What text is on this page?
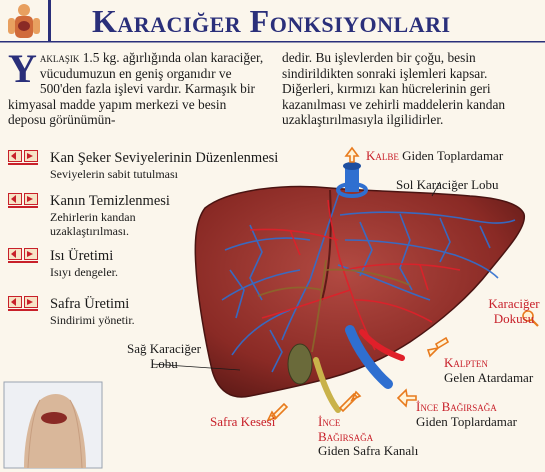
Karaciğer Fonksiyonları
Yaklaşık 1.5 kg. ağırlığında olan karaciğer, vücudumuzun en geniş organıdır ve 500'den fazla işlevi vardır. Karmaşık bir kimyasal madde yapım merkezi ve besin deposu görünümün-
dedir. Bu işlevlerden bir çoğu, besin sindirildikten sonraki işlemleri kapsar. Diğerleri, kırmızı kan hücrelerinin geri kazanılması ve zehirli maddelerin kandan uzaklaştırılmasıyla ilgilidirler.
Kan Şeker Seviyelerinin Düzenlenmesi
Seviyelerin sabit tutulması
Kanın Temizlenmesi
Zehirlerin kandan uzaklaştırılması.
Isı Üretimi
Isıyı dengeler.
Safra Üretimi
Sindirimi yönetir.
Kalbe Giden Toplardamar
Sol Karaciğer Lobu
Sağ Karaciğer
Lobu
Karaciğer
Dokusu
Kalpten
Gelen Atardamar
İnce Bağırsağa
Giden Toplardamar
Safra Kesesi	İnce
Bağırsağa
Giden Safra Kanalı
